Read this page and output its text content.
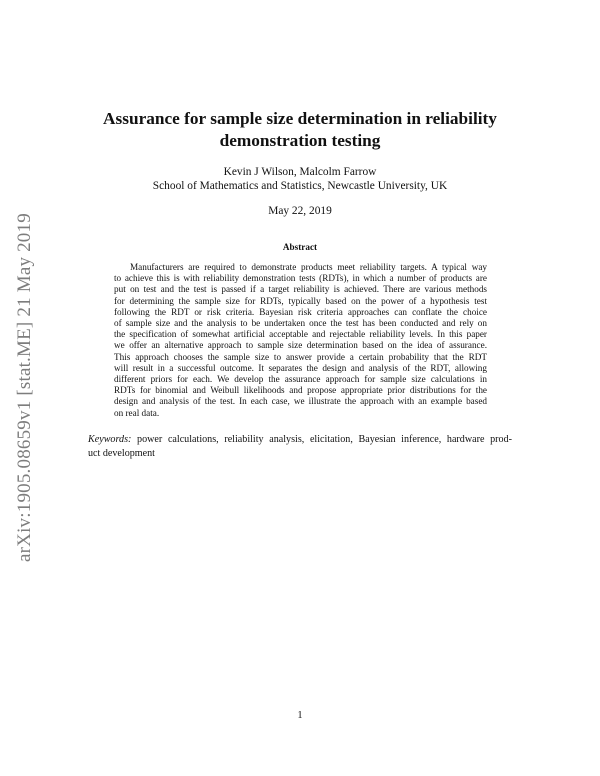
arXiv:1905.08659v1 [stat.ME] 21 May 2019
Assurance for sample size determination in reliability
demonstration testing
Kevin J Wilson, Malcolm Farrow
School of Mathematics and Statistics, Newcastle University, UK
May 22, 2019
Abstract
Manufacturers are required to demonstrate products meet reliability targets. A typical way
to achieve this is with reliability demonstration tests (RDTs), in which a number of products are
put on test and the test is passed if a target reliability is achieved. There are various methods
for determining the sample size for RDTs, typically based on the power of a hypothesis test
following the RDT or risk criteria. Bayesian risk criteria approaches can conflate the choice
of sample size and the analysis to be undertaken once the test has been conducted and rely on
the specification of somewhat artificial acceptable and rejectable reliability levels. In this paper
we offer an alternative approach to sample size determination based on the idea of assurance.
This approach chooses the sample size to answer provide a certain probability that the RDT
will result in a successful outcome. It separates the design and analysis of the RDT, allowing
different priors for each. We develop the assurance approach for sample size calculations in
RDTs for binomial and Weibull likelihoods and propose appropriate prior distributions for the
design and analysis of the test. In each case, we illustrate the approach with an example based
on real data.
Keywords: power calculations, reliability analysis, elicitation, Bayesian inference, hardware prod-
uct development
1
